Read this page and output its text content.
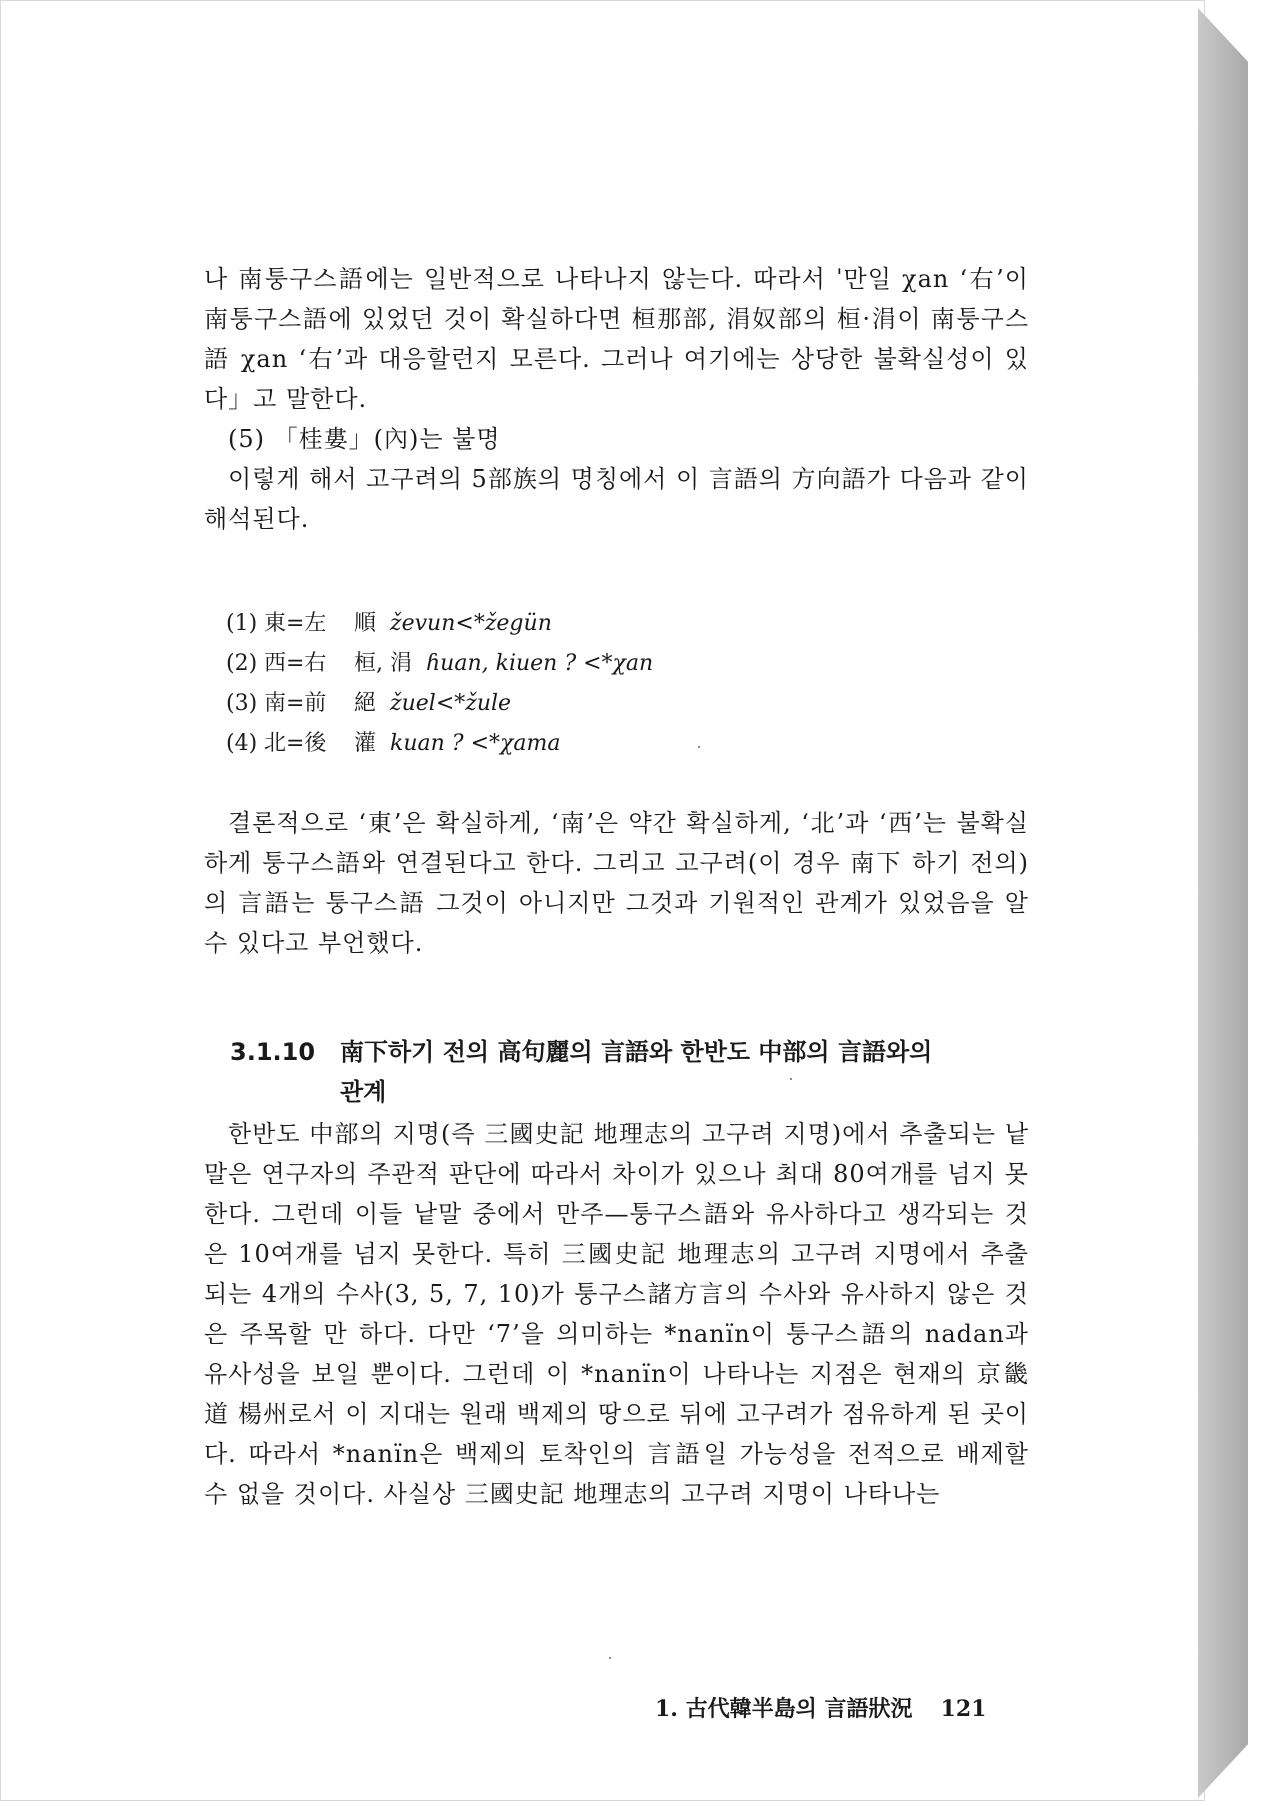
나 南퉁구스語에는 일반적으로 나타나지 않는다. 따라서 ˈ만일 χan ‘右’이 南퉁구스語에 있었던 것이 확실하다면 桓那部, 涓奴部의 桓·涓이 南퉁구스語 χan ‘右’과 대응할런지 모른다. 그러나 여기에는 상당한 불확실성이 있다」고 말한다.

(5) 「桂婁」(內)는 불명

이렇게 해서 고구려의 5部族의 명칭에서 이 言語의 方向語가 다음과 같이 해석된다.

(1) 東=左 順 ževun<*žegün
(2) 西=右 桓, 涓 ɦuan, kiuen ? <*χan
(3) 南=前 絕 žuel<*žule
(4) 北=後 灌 kuan ? <*χama

결론적으로 ‘東’은 확실하게, ‘南’은 약간 확실하게, ‘北’과 ‘西’는 불확실하게 퉁구스語와 연결된다고 한다. 그리고 고구려(이 경우 南下 하기 전의)의 言語는 퉁구스語 그것이 아니지만 그것과 기원적인 관계가 있었음을 알 수 있다고 부언했다.

3.1.10 南下하기 전의 高句麗의 言語와 한반도 中部의 言語와의
관계

한반도 中部의 지명(즉 三國史記 地理志의 고구려 지명)에서 추출되는 낱말은 연구자의 주관적 판단에 따라서 차이가 있으나 최대 80여개를 넘지 못한다. 그런데 이들 낱말 중에서 만주—퉁구스語와 유사하다고 생각되는 것은 10여개를 넘지 못한다. 특히 三國史記 地理志의 고구려 지명에서 추출되는 4개의 수사(3, 5, 7, 10)가 퉁구스諸方言의 수사와 유사하지 않은 것은 주목할 만 하다. 다만 ‘7’을 의미하는 *nanïn이 퉁구스語의 nadan과 유사성을 보일 뿐이다. 그런데 이 *nanïn이 나타나는 지점은 현재의 京畿道 楊州로서 이 지대는 원래 백제의 땅으로 뒤에 고구려가 점유하게 된 곳이다. 따라서 *nanïn은 백제의 토착인의 言語일 가능성을 전적으로 배제할 수 없을 것이다. 사실상 三國史記 地理志의 고구려 지명이 나타나는

1. 古代韓半島의 言語狀況 121
